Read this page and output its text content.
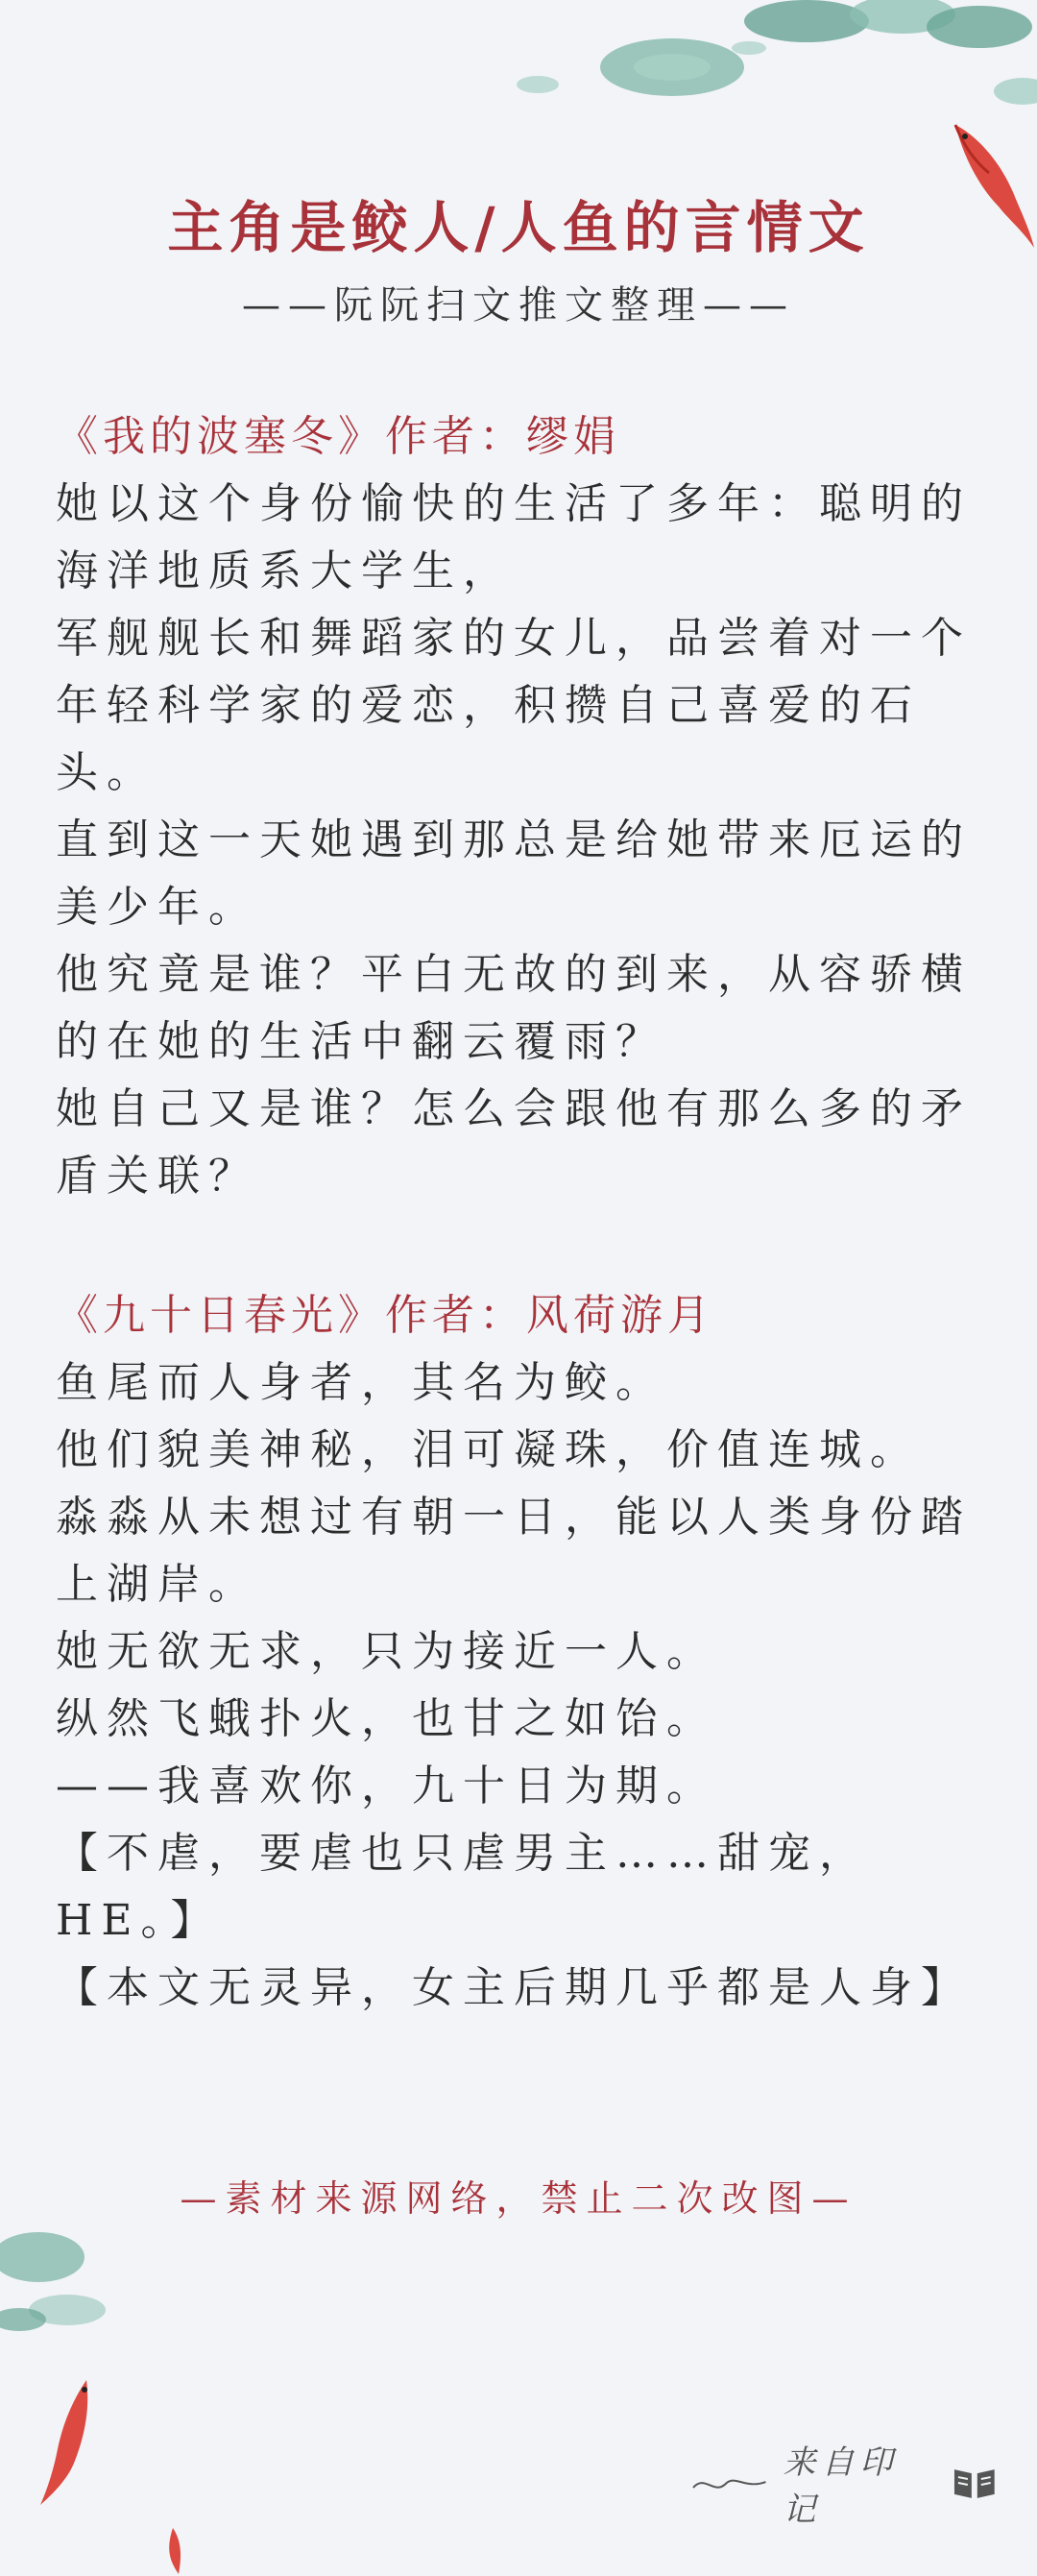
主角是鲛人/人鱼的言情文
——阮阮扫文推文整理——
《我的波塞冬》作者：缪娟
她以这个身份愉快的生活了多年：聪明的海洋地质系大学生，
军舰舰长和舞蹈家的女儿，品尝着对一个年轻科学家的爱恋，积攒自己喜爱的石头。
直到这一天她遇到那总是给她带来厄运的美少年。
他究竟是谁？平白无故的到来，从容骄横的在她的生活中翻云覆雨？
她自己又是谁？怎么会跟他有那么多的矛盾关联？
《九十日春光》作者：风荷游月
鱼尾而人身者，其名为鲛。
他们貌美神秘，泪可凝珠，价值连城。
淼淼从未想过有朝一日，能以人类身份踏上湖岸。
她无欲无求，只为接近一人。
纵然飞蛾扑火，也甘之如饴。
——我喜欢你，九十日为期。
【不虐，要虐也只虐男主……甜宠，HE。】
【本文无灵异，女主后期几乎都是人身】
—素材来源网络，禁止二次改图—
来自印记
